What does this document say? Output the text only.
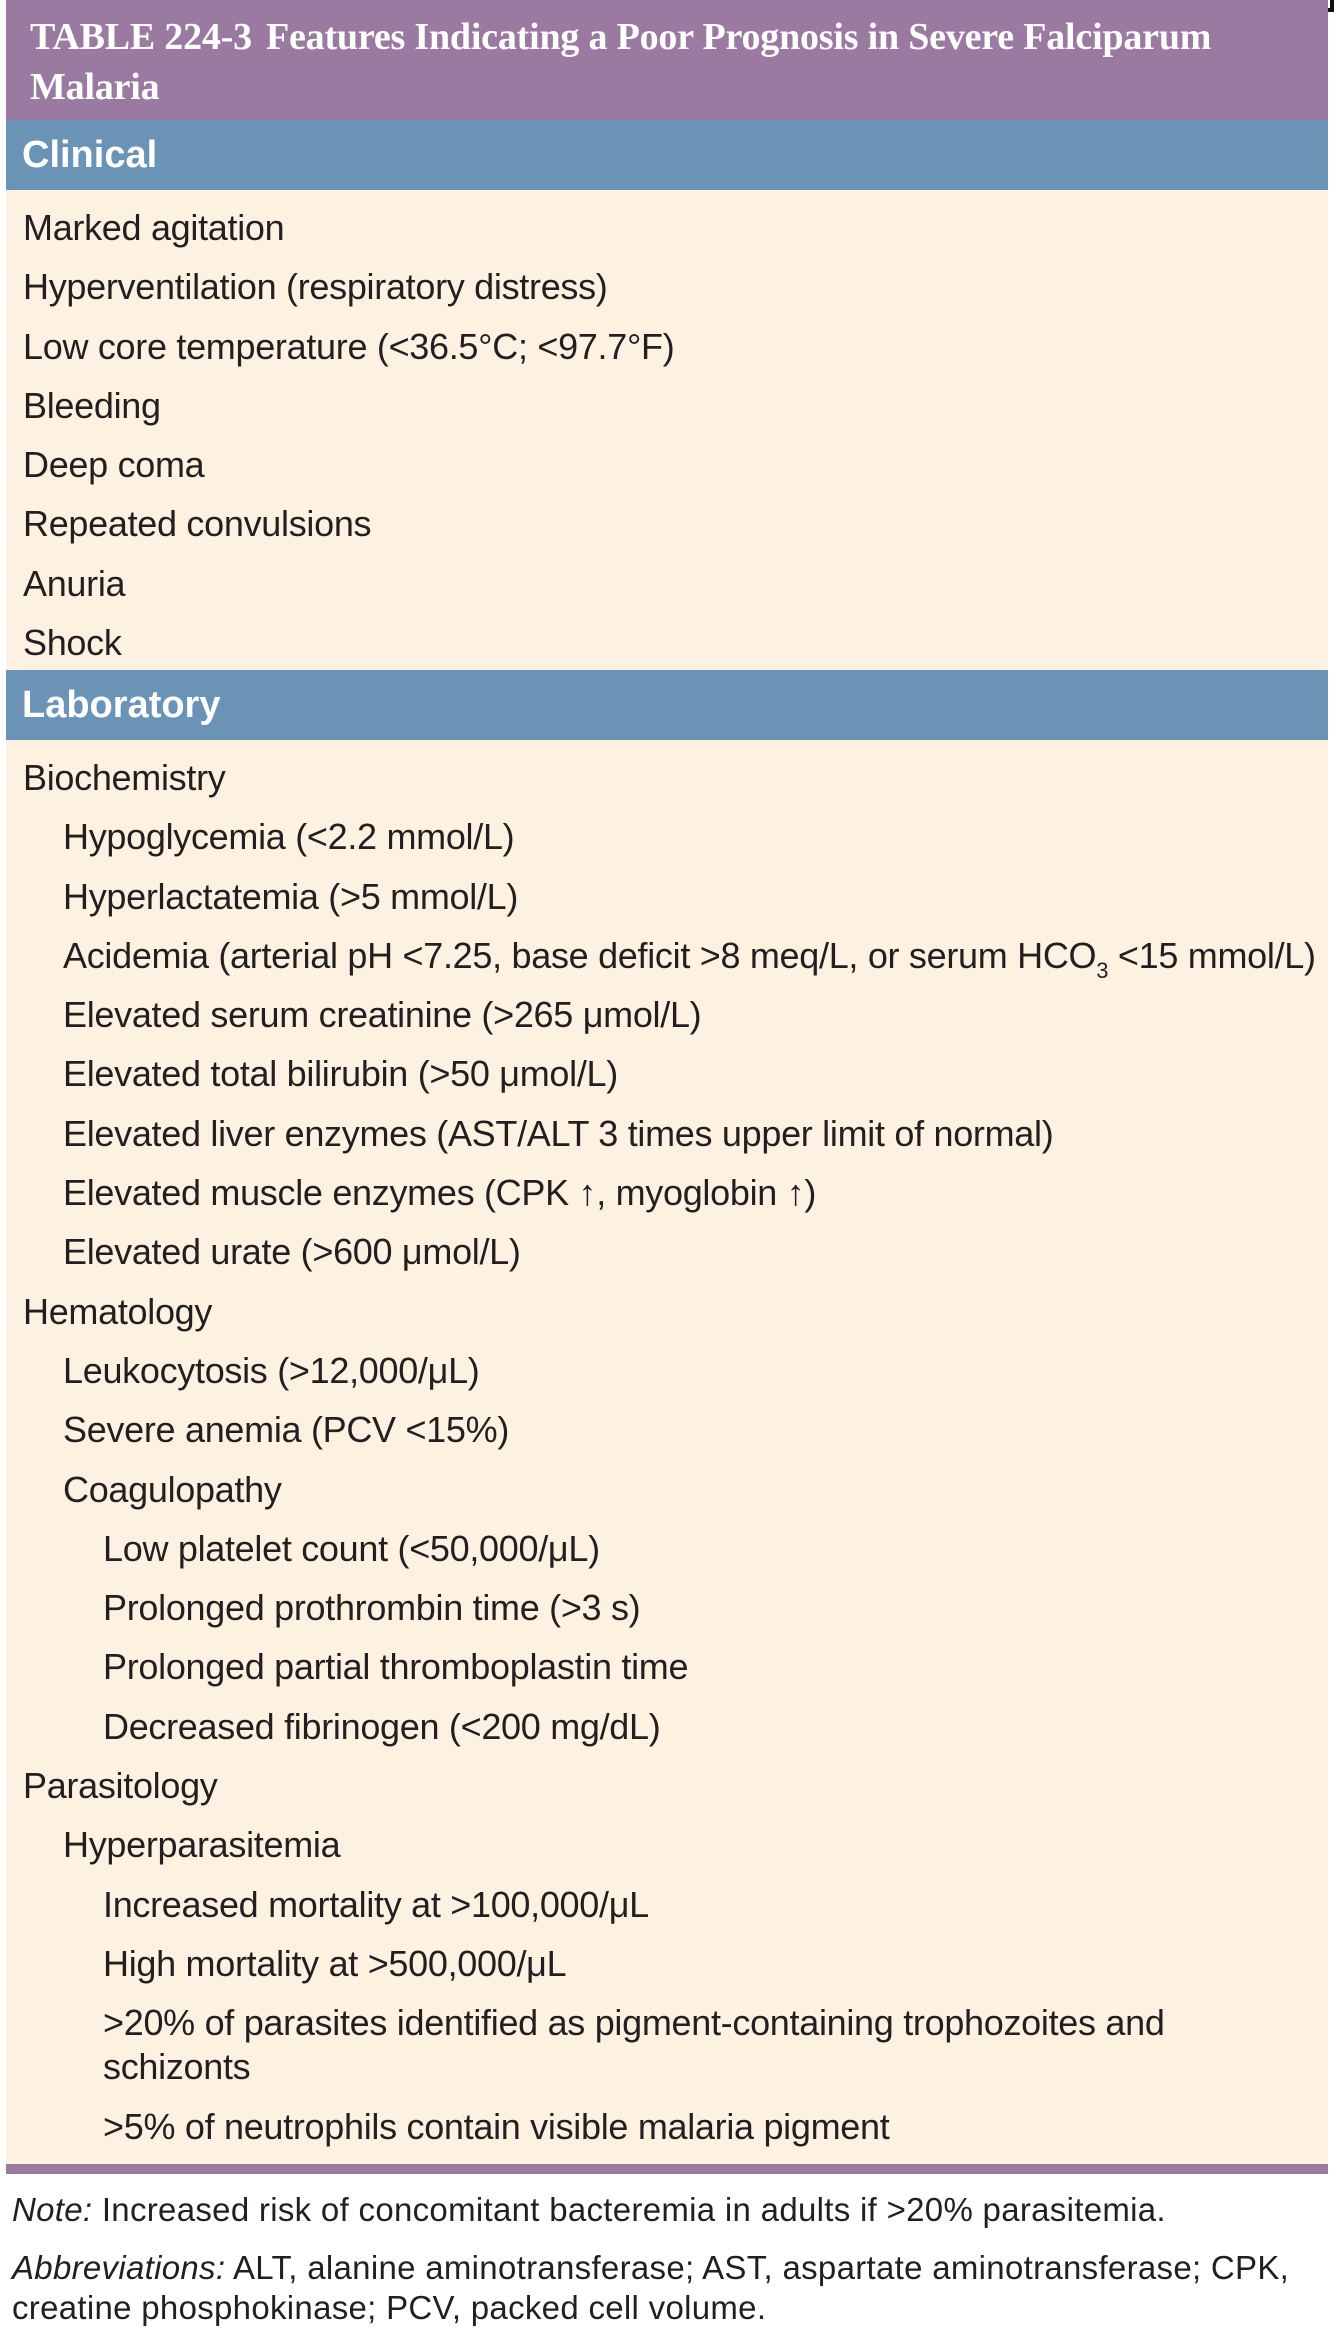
TABLE 224-3 Features Indicating a Poor Prognosis in Severe Falciparum Malaria
Clinical
Marked agitation
Hyperventilation (respiratory distress)
Low core temperature (<36.5°C; <97.7°F)
Bleeding
Deep coma
Repeated convulsions
Anuria
Shock
Laboratory
Biochemistry
Hypoglycemia (<2.2 mmol/L)
Hyperlactatemia (>5 mmol/L)
Acidemia (arterial pH <7.25, base deficit >8 meq/L, or serum $HCO_3 <15$ mmol/L)
Elevated serum creatinine (>265 μmol/L)
Elevated total bilirubin (>50 μmol/L)
Elevated liver enzymes (AST/ALT 3 times upper limit of normal)
Elevated muscle enzymes (CPK ↑, myoglobin ↑)
Elevated urate (>600 μmol/L)
Hematology
Leukocytosis (>12,000/μL)
Severe anemia (PCV <15%)
Coagulopathy
Low platelet count (<50,000/μL)
Prolonged prothrombin time (>3 s)
Prolonged partial thromboplastin time
Decreased fibrinogen (<200 mg/dL)
Parasitology
Hyperparasitemia
Increased mortality at >100,000/μL
High mortality at >500,000/μL
>20% of parasites identified as pigment-containing trophozoites and schizonts
>5% of neutrophils contain visible malaria pigment

Note: Increased risk of concomitant bacteremia in adults if >20% parasitemia.

Abbreviations: ALT, alanine aminotransferase; AST, aspartate aminotransferase; CPK, creatine phosphokinase; PCV, packed cell volume.
